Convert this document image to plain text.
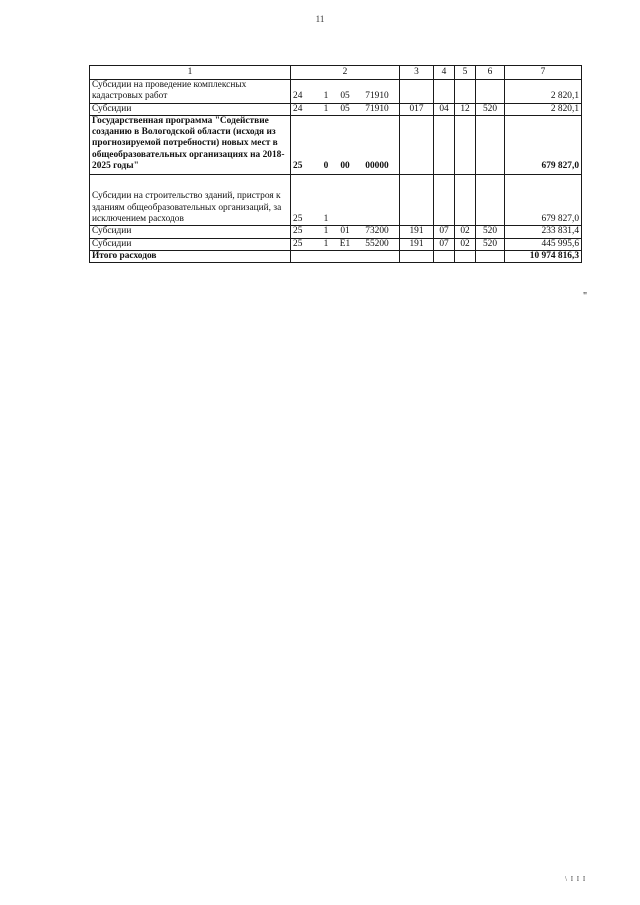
11
1	2	3	4	5	6	7
Субсидии на проведение комплексных кадастровых работ	24 1 05 71910					2 820,1
Субсидии	24 1 05 71910	017	04	12	520	2 820,1
Государственная программа "Содействие созданию в Вологодской области (исходя из прогнозируемой потребности) новых мест в общеобразовательных организациях на 2018-2025 годы"	25 0 00 00000					679 827,0
Субсидии на строительство зданий, пристроя к зданиям общеобразовательных организаций, за исключением расходов	25 1					679 827,0
Субсидии	25 1 01 73200	191	07	02	520	233 831,4
Субсидии	25 1 E1 55200	191	07	02	520	445 995,6
Итого расходов						10 974 816,3
"
\ I I I
